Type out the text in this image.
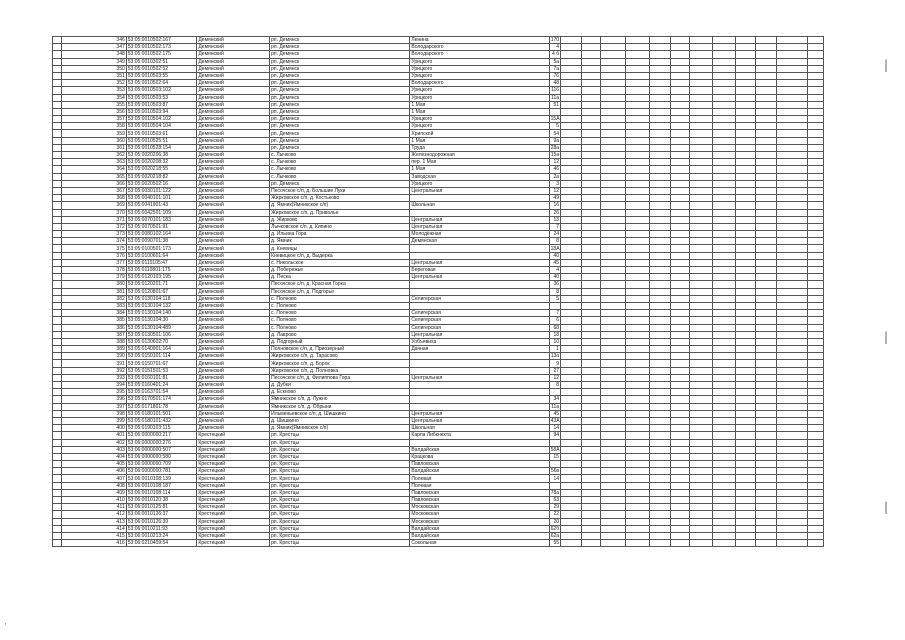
	346	53:05:0010502:167	Демянский	рп. Демянск	Ленина	170												
	347	53:05:0010502:173	Демянский	рп. Демянск	Володарского	4												
	348	53:05:0010502:175	Демянский	рп. Демянск	Володарского	4 б												
	349	53:05:0010302:51	Демянский	рп. Демянск	Урицкого	5а												
	350	53:05:0010502:52	Демянский	рп. Демянск	Урицкого	7а												
	351	53:05:0010503:55	Демянский	рп. Демянск	Урицкого	76												
	352	53:05:0010502:64	Демянский	рп. Демянск	Володарского	48												
	353	53:05:0010503:102	Демянский	рп. Демянск	Урицкого	116												
	354	53:05:0010503:53	Демянский	рп. Демянск	Урицкого	11а												
	355	53:05:0010503:87	Демянский	рп. Демянск	1 Мая	51												
	356	53:05:0010503:94	Демянский	рп. Демянск	1 Мая													
	357	53:05:0010504:102	Демянский	рп. Демянск	Урицкого	15А												
	358	53:05:0010504:104	Демянский	рп. Демянск	Урицкого	5												
	359	53:05:0010503:61	Демянский	рп. Демянск	Хрипской	54												
	360	53:05:0010525:51	Демянский	рп. Демянск	1 Мая	9а												
	361	53:05:0010528:154	Демянский	рп. Демянск	Труда	28а												
	362	53:05:0020206:38	Демянский	с. Лычково	Железнодорожная	15а												
	363	53:05:0020208:32	Демянский	с. Лычково	пер. 1 Мая	12												
	364	53:05:0020218:55	Демянский	с. Лычково	1 Мая	46												
	365	53:05:0020218:82	Демянский	с. Лычково	Заводская	2а												
	366	53:05:0020502:16	Демянский	рп. Демянск	Урицкого	3												
	367	53:05:0030101:122	Демянский	Песочское с/п, д. Большие Луки	Центральная	12												
	368	53:05:0040101:101	Демянский	Жирковское с/п, д. Костьково		49												
	369	53:05:0041901:43	Демянский	д. Ямник(Ямникское с/п)	Школьная	16												
	370	53:05:0042501:109	Демянский	Жирковское с/п, д. Приволье		26												
	371	53:05:0070101:183	Демянский	д. Жирково	Центральная	13												
	372	53:05:0070501:91	Демянский	Лычковское с/п, д. Кипино	Центральная	7												
	373	53:05:0080102:164	Демянский	д. Ильина Гора	Молодёжная	24												
	374	53:05:0090701:38	Демянский	д. Ямник	Демянская	8												
	375	53:05:0100501:173	Демянский	д. Кневицы		18А												
	376	53:05:0100601:64	Демянский	Кневицкое с/п, д. Выдерка		40												
	377	53:05:0110105:47	Демянский	с. Никольское	Центральная	45												
	378	53:05:0110801:175	Демянский	д. Побережье	Береговая	4												
	379	53:05:0120103:195	Демянский	д. Песка	Центральная	40												
	380	53:05:0120201:71	Демянский	Песочское с/п, д. Красная Горка		36												
	381	53:05:0120801:67	Демянский	Песочское с/п, д. Подгорье		8												
	382	53:05:0130104:118	Демянский	с. Полново	Селигерская	5												
	383	53:05:0130104:132	Демянский	с. Полново														
	384	53:05:0130104:140	Демянский	с. Полново	Селигерская	7												
	385	53:05:0130104:30	Демянский	с. Полново	Селигерская	6												
	386	53:05:0130104:489	Демянский	с. Полново	Селигерская	68												
	387	53:05:0130501:106	Демянский	д. Лаврово	Центральная	18												
	388	53:05:0130602:70	Демянский	д. Подгорный	Уобъявиха	10												
	389	53:05:0140901:164	Демянский	Полновское с/п, д. Приозерный	Дачная	1												
	390	53:05:0150101:114	Демянский	Жирковское с/п, д. Тарасово		13а												
	391	53:05:0150701:67	Демянский	Жирковское с/п, д. Борок		9												
	392	53:05:0151501:53	Демянский	Жирковское с/п, д. Полновка		27												
	393	53:05:0160101:81	Демянский	Песочское с/п, д. Филиппова Гора	Центральная	12												
	394	53:05:0160401:24	Демянский	д. Дубки		8												
	395	53:05:0163701:54	Демянский	д. Ескново														
	396	53:05:0170501:174	Демянский	Ямникское с/п, д. Лужно		34												
	397	53:05:0171801:78	Демянский	Ямникское с/п, д. Обрыни		11а												
	398	53:05:0180101:501	Демянский	Ильменьевское с/п, д. Шишкино	Центральная	45												
	399	53:05:0180101:432	Демянский	д. Шишкино	Центральная	43А												
	400	53:05:0190103:115	Демянский	д. Ямник(Ямникское с/п)	Школьная	14												
	401	53:06:0000000:217	Крестецкий	рп. Крестцы	Карла Либкнехта	94												
	402	53:06:0000000:276	Крестецкий	рп. Крестцы														
	403	53:06:0000000:507	Крестецкий	рп. Крестцы	Валдайская	58А												
	404	53:06:0000000:580	Крестецкий	рп. Крестцы	Крацкова	15												
	405	53:06:0000000:709	Крестецкий	рп. Крестцы	Павловская													
	406	53:06:0000000:781	Крестецкий	рп. Крестцы	Валдайская	56в												
	407	53:06:0010108:139	Крестецкий	рп. Крестцы	Полевая	14												
	408	53:06:0010108:187	Крестецкий	рп. Крестцы	Полевая													
	409	53:06:0010108:114	Крестецкий	рп. Крестцы	Павловская	78а												
	410	53:06:0010120:38	Крестецкий	рп. Крестцы	Павловская	63												
	411	53:06:0010125:81	Крестецкий	рп. Крестцы	Московская	29												
	412	53:06:0010126:37	Крестецкий	рп. Крестцы	Московская	22												
	413	53:06:0010126:39	Крестецкий	рп. Крестцы	Московская	20												
	414	53:06:0010211:93	Крестецкий	рп. Крестцы	Валдайская	62б												
	415	53:06:0010213:24	Крестецкий	рп. Крестцы	Валдайская	62а												
	416	53:06:0210409:54	Крестецкий	рп. Крестцы	Сокольная	55												
|
|
|
·
